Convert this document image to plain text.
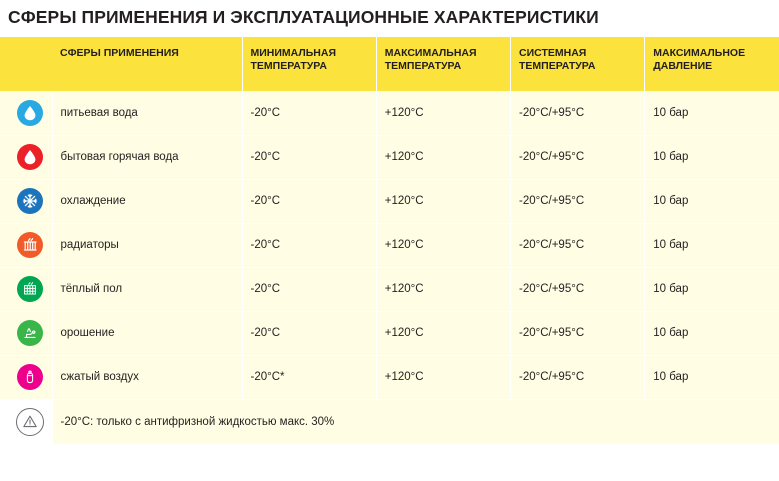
СФЕРЫ ПРИМЕНЕНИЯ И ЭКСПЛУАТАЦИОННЫЕ ХАРАКТЕРИСТИКИ
	СФЕРЫ ПРИМЕНЕНИЯ	МИНИМАЛЬНАЯ ТЕМПЕРАТУРА	МАКСИМАЛЬНАЯ ТЕМПЕРАТУРА	СИСТЕМНАЯ ТЕМПЕРАТУРА	МАКСИМАЛЬНОЕ ДАВЛЕНИЕ

	питьевая вода	-20°C	+120°C	-20°C/+95°C	10 бар

	бытовая горячая вода	-20°C	+120°C	-20°C/+95°C	10 бар

	охлаждение	-20°C	+120°C	-20°C/+95°C	10 бар

	радиаторы	-20°C	+120°C	-20°C/+95°C	10 бар

	тёплый пол	-20°C	+120°C	-20°C/+95°C	10 бар

	орошение	-20°C	+120°C	-20°C/+95°C	10 бар

	сжатый воздух	-20°C*	+120°C	-20°C/+95°C	10 бар

	-20°C: только с антифризной жидкостью макс. 30%				
